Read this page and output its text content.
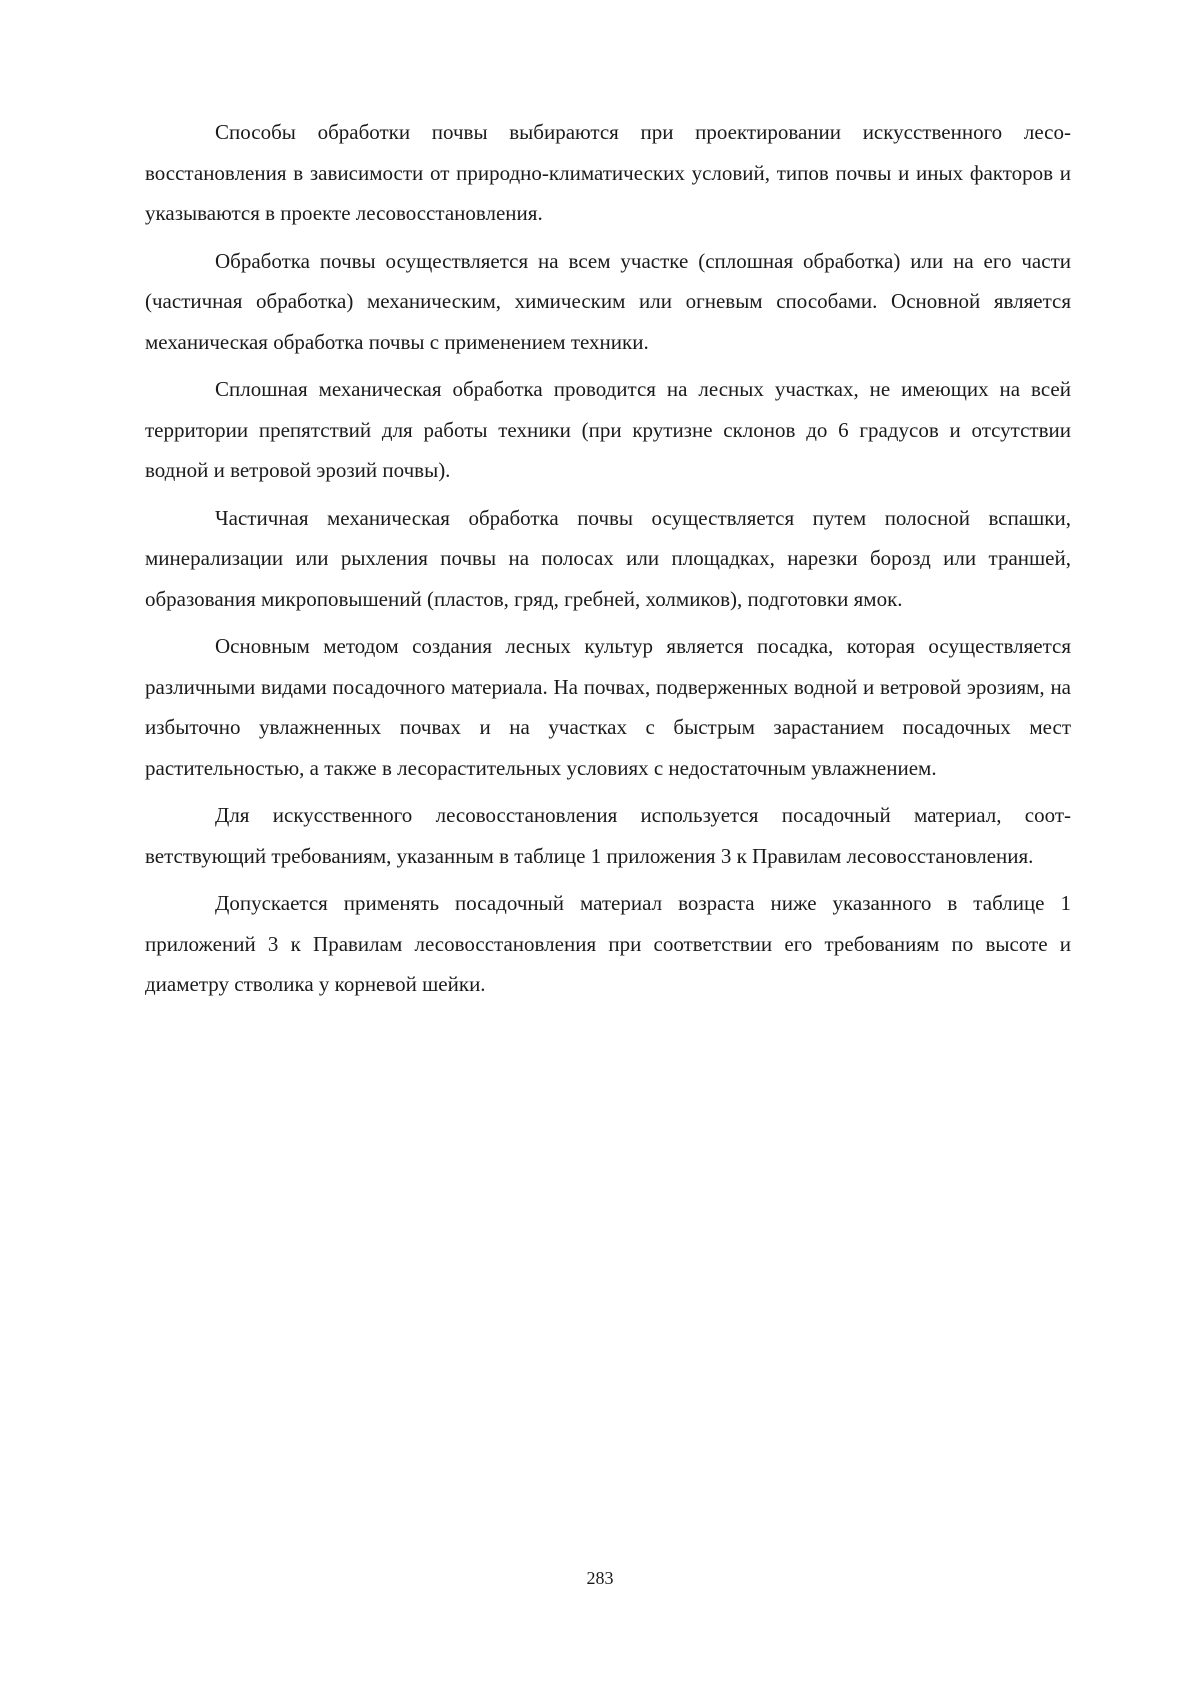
Способы обработки почвы выбираются при проектировании искусственного лесовосстановления в зависимости от природно-климатических условий, типов почвы и иных факторов и указываются в проекте лесовосстановления.

Обработка почвы осуществляется на всем участке (сплошная обработка) или на его части (частичная обработка) механическим, химическим или огневым способами. Основной является механическая обработка почвы с применением техники.

Сплошная механическая обработка проводится на лесных участках, не имеющих на всей территории препятствий для работы техники (при крутизне склонов до 6 градусов и отсутствии водной и ветровой эрозий почвы).

Частичная механическая обработка почвы осуществляется путем полосной вспашки, минерализации или рыхления почвы на полосах или площадках, нарезки борозд или траншей, образования микроповышений (пластов, гряд, гребней, холмиков), подготовки ямок.

Основным методом создания лесных культур является посадка, которая осуществляется различными видами посадочного материала. На почвах, подверженных водной и ветровой эрозиям, на избыточно увлажненных почвах и на участках с быстрым зарастанием посадочных мест растительностью, а также в лесорастительных условиях с недостаточным увлажнением.

Для искусственного лесовосстановления используется посадочный материал, соответствующий требованиям, указанным в таблице 1 приложения 3 к Правилам лесовосстановления.

Допускается применять посадочный материал возраста ниже указанного в таблице 1 приложений 3 к Правилам лесовосстановления при соответствии его требованиям по высоте и диаметру стволика у корневой шейки.

283
